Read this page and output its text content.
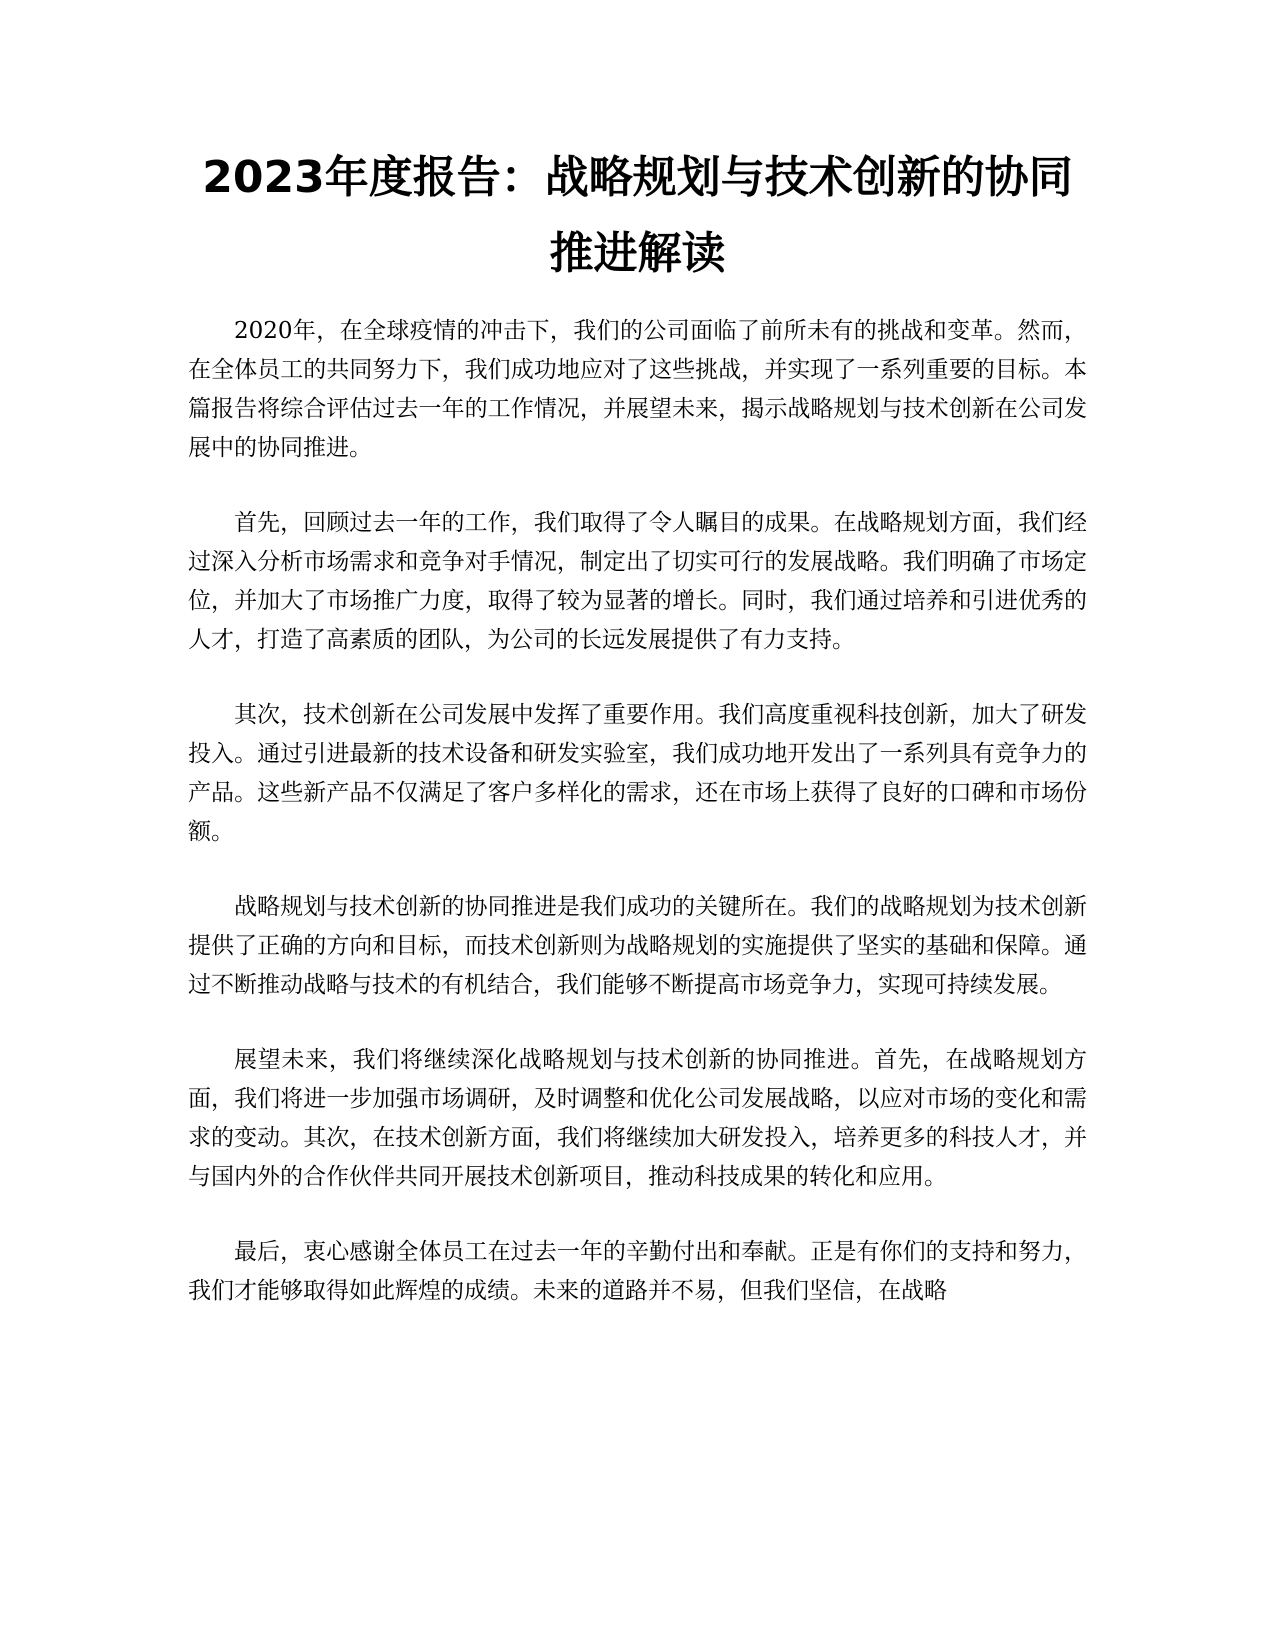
2023年度报告：战略规划与技术创新的协同
推进解读

2020年，在全球疫情的冲击下，我们的公司面临了前所未有的挑战和变革。然而，在全体员工的共同努力下，我们成功地应对了这些挑战，并实现了一系列重要的目标。本篇报告将综合评估过去一年的工作情况，并展望未来，揭示战略规划与技术创新在公司发展中的协同推进。

首先，回顾过去一年的工作，我们取得了令人瞩目的成果。在战略规划方面，我们经过深入分析市场需求和竞争对手情况，制定出了切实可行的发展战略。我们明确了市场定位，并加大了市场推广力度，取得了较为显著的增长。同时，我们通过培养和引进优秀的人才，打造了高素质的团队，为公司的长远发展提供了有力支持。

其次，技术创新在公司发展中发挥了重要作用。我们高度重视科技创新，加大了研发投入。通过引进最新的技术设备和研发实验室，我们成功地开发出了一系列具有竞争力的产品。这些新产品不仅满足了客户多样化的需求，还在市场上获得了良好的口碑和市场份额。

战略规划与技术创新的协同推进是我们成功的关键所在。我们的战略规划为技术创新提供了正确的方向和目标，而技术创新则为战略规划的实施提供了坚实的基础和保障。通过不断推动战略与技术的有机结合，我们能够不断提高市场竞争力，实现可持续发展。

展望未来，我们将继续深化战略规划与技术创新的协同推进。首先，在战略规划方面，我们将进一步加强市场调研，及时调整和优化公司发展战略，以应对市场的变化和需求的变动。其次，在技术创新方面，我们将继续加大研发投入，培养更多的科技人才，并与国内外的合作伙伴共同开展技术创新项目，推动科技成果的转化和应用。

最后，衷心感谢全体员工在过去一年的辛勤付出和奉献。正是有你们的支持和努力，我们才能够取得如此辉煌的成绩。未来的道路并不易，但我们坚信，在战略
